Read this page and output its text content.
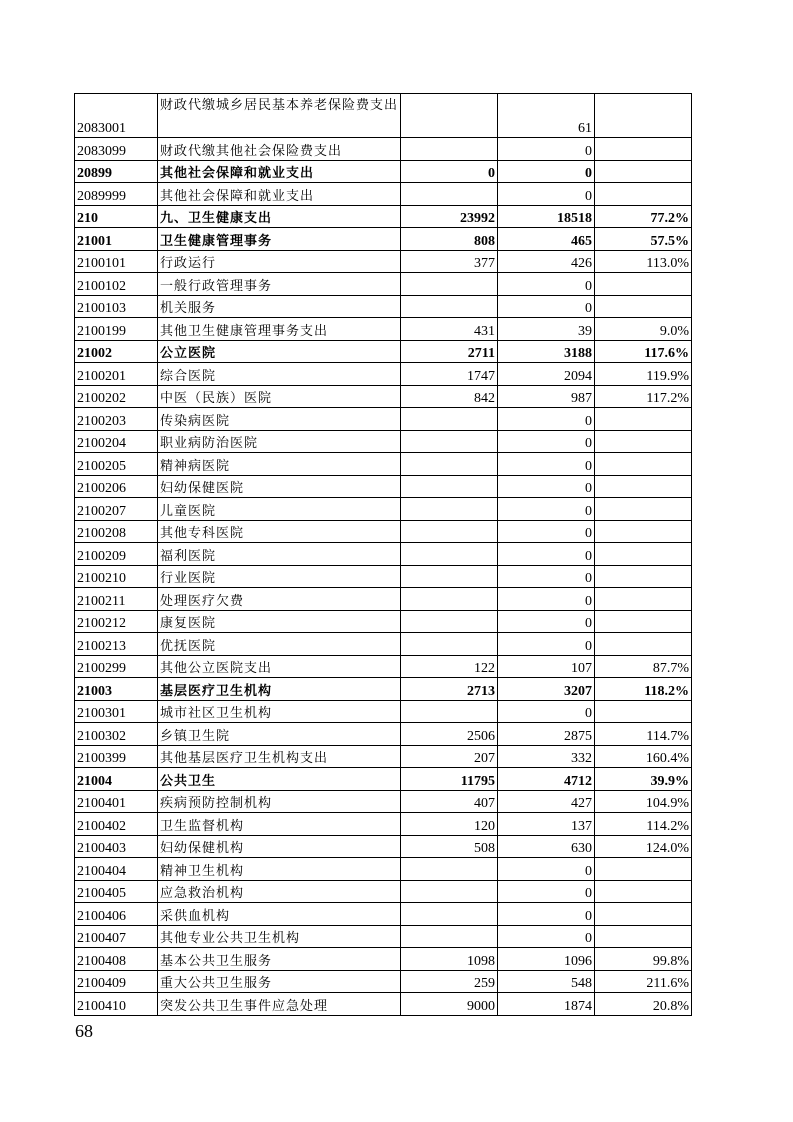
2083001	财政代缴城乡居民基本养老保险费支出		61	
2083099	财政代缴其他社会保险费支出		0	
20899	其他社会保障和就业支出	0	0	
2089999	其他社会保障和就业支出		0	
210	九、卫生健康支出	23992	18518	77.2%
21001	卫生健康管理事务	808	465	57.5%
2100101	行政运行	377	426	113.0%
2100102	一般行政管理事务		0	
2100103	机关服务		0	
2100199	其他卫生健康管理事务支出	431	39	9.0%
21002	公立医院	2711	3188	117.6%
2100201	综合医院	1747	2094	119.9%
2100202	中医（民族）医院	842	987	117.2%
2100203	传染病医院		0	
2100204	职业病防治医院		0	
2100205	精神病医院		0	
2100206	妇幼保健医院		0	
2100207	儿童医院		0	
2100208	其他专科医院		0	
2100209	福利医院		0	
2100210	行业医院		0	
2100211	处理医疗欠费		0	
2100212	康复医院		0	
2100213	优抚医院		0	
2100299	其他公立医院支出	122	107	87.7%
21003	基层医疗卫生机构	2713	3207	118.2%
2100301	城市社区卫生机构		0	
2100302	乡镇卫生院	2506	2875	114.7%
2100399	其他基层医疗卫生机构支出	207	332	160.4%
21004	公共卫生	11795	4712	39.9%
2100401	疾病预防控制机构	407	427	104.9%
2100402	卫生监督机构	120	137	114.2%
2100403	妇幼保健机构	508	630	124.0%
2100404	精神卫生机构		0	
2100405	应急救治机构		0	
2100406	采供血机构		0	
2100407	其他专业公共卫生机构		0	
2100408	基本公共卫生服务	1098	1096	99.8%
2100409	重大公共卫生服务	259	548	211.6%
2100410	突发公共卫生事件应急处理	9000	1874	20.8%
68
